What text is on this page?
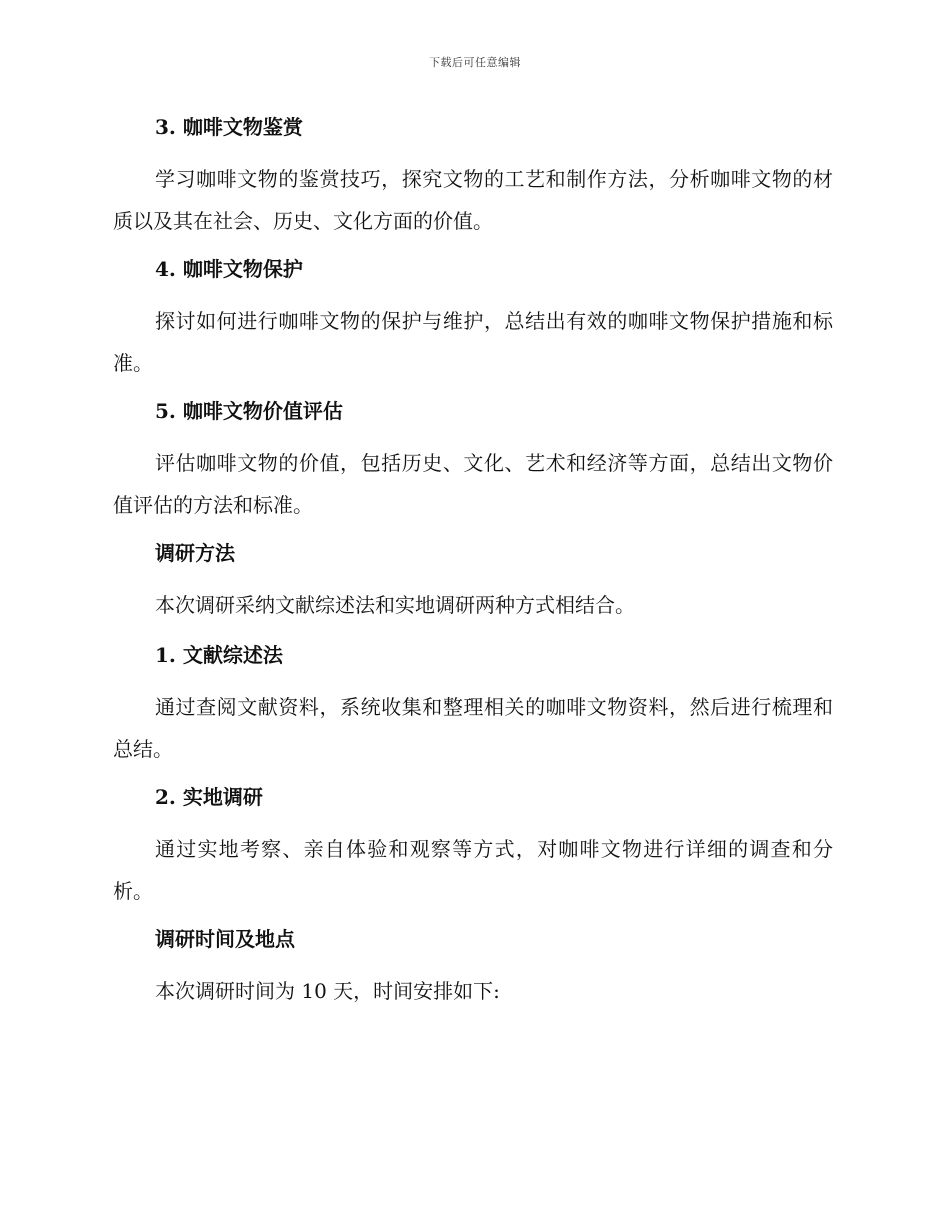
下载后可任意编辑
3. 咖啡文物鉴赏
学习咖啡文物的鉴赏技巧，探究文物的工艺和制作方法，分析咖啡文物的材质以及其在社会、历史、文化方面的价值。
4. 咖啡文物保护
探讨如何进行咖啡文物的保护与维护，总结出有效的咖啡文物保护措施和标准。
5. 咖啡文物价值评估
评估咖啡文物的价值，包括历史、文化、艺术和经济等方面，总结出文物价值评估的方法和标准。
调研方法
本次调研采纳文献综述法和实地调研两种方式相结合。
1. 文献综述法
通过查阅文献资料，系统收集和整理相关的咖啡文物资料，然后进行梳理和总结。
2. 实地调研
通过实地考察、亲自体验和观察等方式，对咖啡文物进行详细的调查和分析。
调研时间及地点
本次调研时间为 10 天，时间安排如下:
